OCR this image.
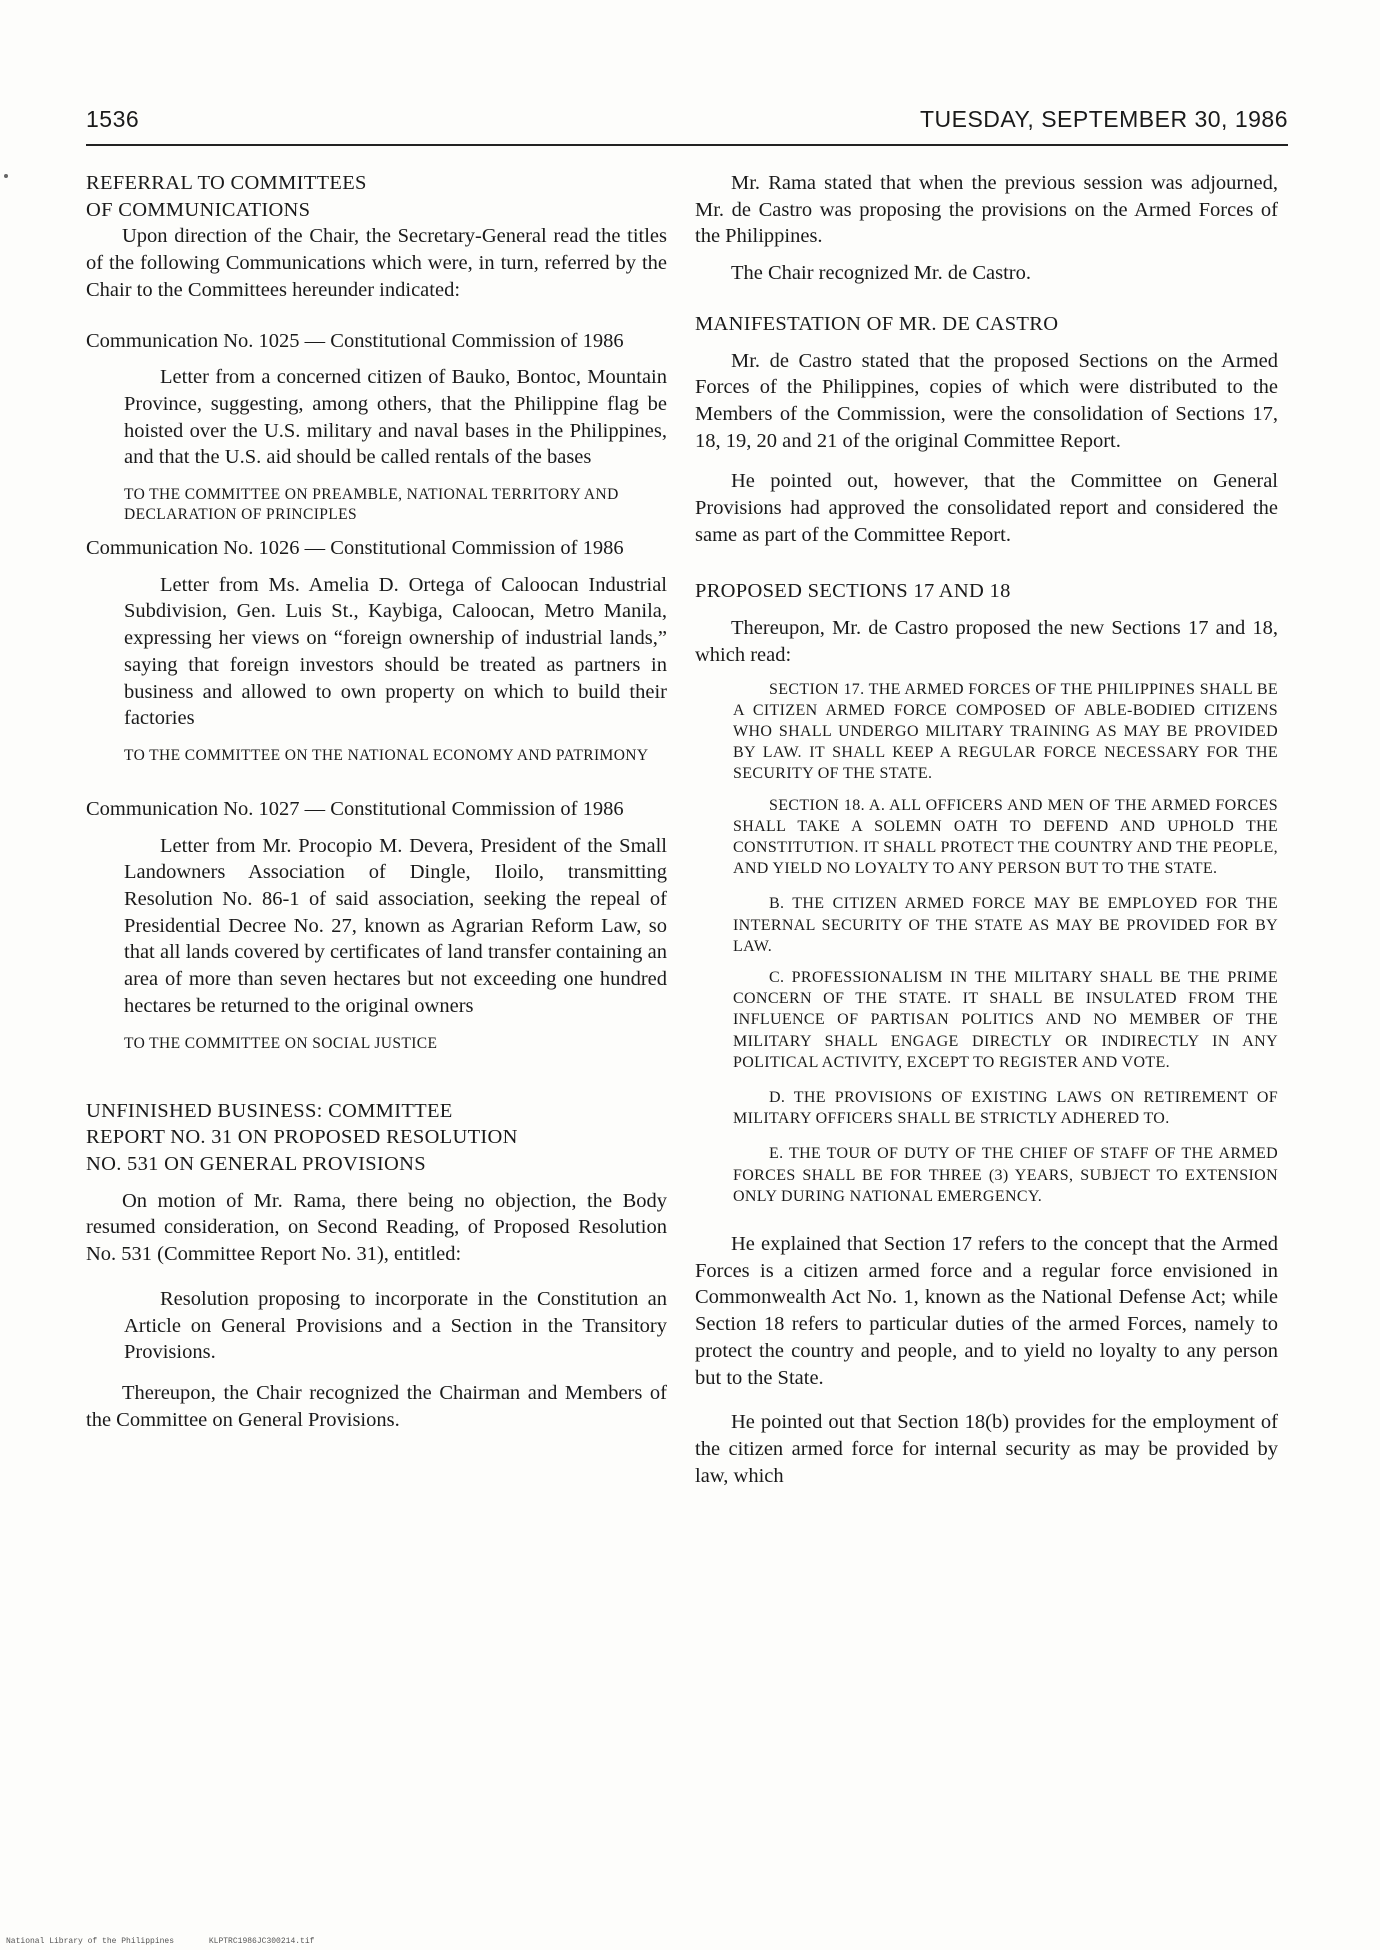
1536	TUESDAY, SEPTEMBER 30, 1986
REFERRAL TO COMMITTEES
OF COMMUNICATIONS

Upon direction of the Chair, the Secretary-General read the titles of the following Communications which were, in turn, referred by the Chair to the Committees hereunder indicated:

Communication No. 1025 — Constitutional Commission of 1986

Letter from a concerned citizen of Bauko, Bontoc, Mountain Province, suggesting, among others, that the Philippine flag be hoisted over the U.S. military and naval bases in the Philippines, and that the U.S. aid should be called rentals of the bases

TO THE COMMITTEE ON PREAMBLE, NATIONAL TERRITORY AND DECLARATION OF PRINCIPLES

Communication No. 1026 — Constitutional Commission of 1986

Letter from Ms. Amelia D. Ortega of Caloocan Industrial Subdivision, Gen. Luis St., Kaybiga, Caloocan, Metro Manila, expressing her views on “foreign ownership of industrial lands,” saying that foreign investors should be treated as partners in business and allowed to own property on which to build their factories

TO THE COMMITTEE ON THE NATIONAL ECONOMY AND PATRIMONY

Communication No. 1027 — Constitutional Commission of 1986

Letter from Mr. Procopio M. Devera, President of the Small Landowners Association of Dingle, Iloilo, transmitting Resolution No. 86-1 of said association, seeking the repeal of Presidential Decree No. 27, known as Agrarian Reform Law, so that all lands covered by certificates of land transfer containing an area of more than seven hectares but not exceeding one hundred hectares be returned to the original owners

TO THE COMMITTEE ON SOCIAL JUSTICE
UNFINISHED BUSINESS: COMMITTEE
REPORT NO. 31 ON PROPOSED RESOLUTION
NO. 531 ON GENERAL PROVISIONS

On motion of Mr. Rama, there being no objection, the Body resumed consideration, on Second Reading, of Proposed Resolution No. 531 (Committee Report No. 31), entitled:

Resolution proposing to incorporate in the Constitution an Article on General Provisions and a Section in the Transitory Provisions.

Thereupon, the Chair recognized the Chairman and Members of the Committee on General Provisions.

Mr. Rama stated that when the previous session was adjourned, Mr. de Castro was proposing the provisions on the Armed Forces of the Philippines.

The Chair recognized Mr. de Castro.

MANIFESTATION OF MR. DE CASTRO

Mr. de Castro stated that the proposed Sections on the Armed Forces of the Philippines, copies of which were distributed to the Members of the Commission, were the consolidation of Sections 17, 18, 19, 20 and 21 of the original Committee Report.

He pointed out, however, that the Committee on General Provisions had approved the consolidated report and considered the same as part of the Committee Report.

PROPOSED SECTIONS 17 AND 18

Thereupon, Mr. de Castro proposed the new Sections 17 and 18, which read:

SECTION 17. THE ARMED FORCES OF THE PHILIPPINES SHALL BE A CITIZEN ARMED FORCE COMPOSED OF ABLE-BODIED CITIZENS WHO SHALL UNDERGO MILITARY TRAINING AS MAY BE PROVIDED BY LAW. IT SHALL KEEP A REGULAR FORCE NECESSARY FOR THE SECURITY OF THE STATE.

SECTION 18. A. ALL OFFICERS AND MEN OF THE ARMED FORCES SHALL TAKE A SOLEMN OATH TO DEFEND AND UPHOLD THE CONSTITUTION. IT SHALL PROTECT THE COUNTRY AND THE PEOPLE, AND YIELD NO LOYALTY TO ANY PERSON BUT TO THE STATE.

B. THE CITIZEN ARMED FORCE MAY BE EMPLOYED FOR THE INTERNAL SECURITY OF THE STATE AS MAY BE PROVIDED FOR BY LAW.

C. PROFESSIONALISM IN THE MILITARY SHALL BE THE PRIME CONCERN OF THE STATE. IT SHALL BE INSULATED FROM THE INFLUENCE OF PARTISAN POLITICS AND NO MEMBER OF THE MILITARY SHALL ENGAGE DIRECTLY OR INDIRECTLY IN ANY POLITICAL ACTIVITY, EXCEPT TO REGISTER AND VOTE.

D. THE PROVISIONS OF EXISTING LAWS ON RETIREMENT OF MILITARY OFFICERS SHALL BE STRICTLY ADHERED TO.

E. THE TOUR OF DUTY OF THE CHIEF OF STAFF OF THE ARMED FORCES SHALL BE FOR THREE (3) YEARS, SUBJECT TO EXTENSION ONLY DURING NATIONAL EMERGENCY.

He explained that Section 17 refers to the concept that the Armed Forces is a citizen armed force and a regular force envisioned in Commonwealth Act No. 1, known as the National Defense Act; while Section 18 refers to particular duties of the armed Forces, namely to protect the country and people, and to yield no loyalty to any person but to the State.

He pointed out that Section 18(b) provides for the employment of the citizen armed force for internal security as may be provided by law, which

National Library of the Philippines	KLPTRC1986JC300214.tif
